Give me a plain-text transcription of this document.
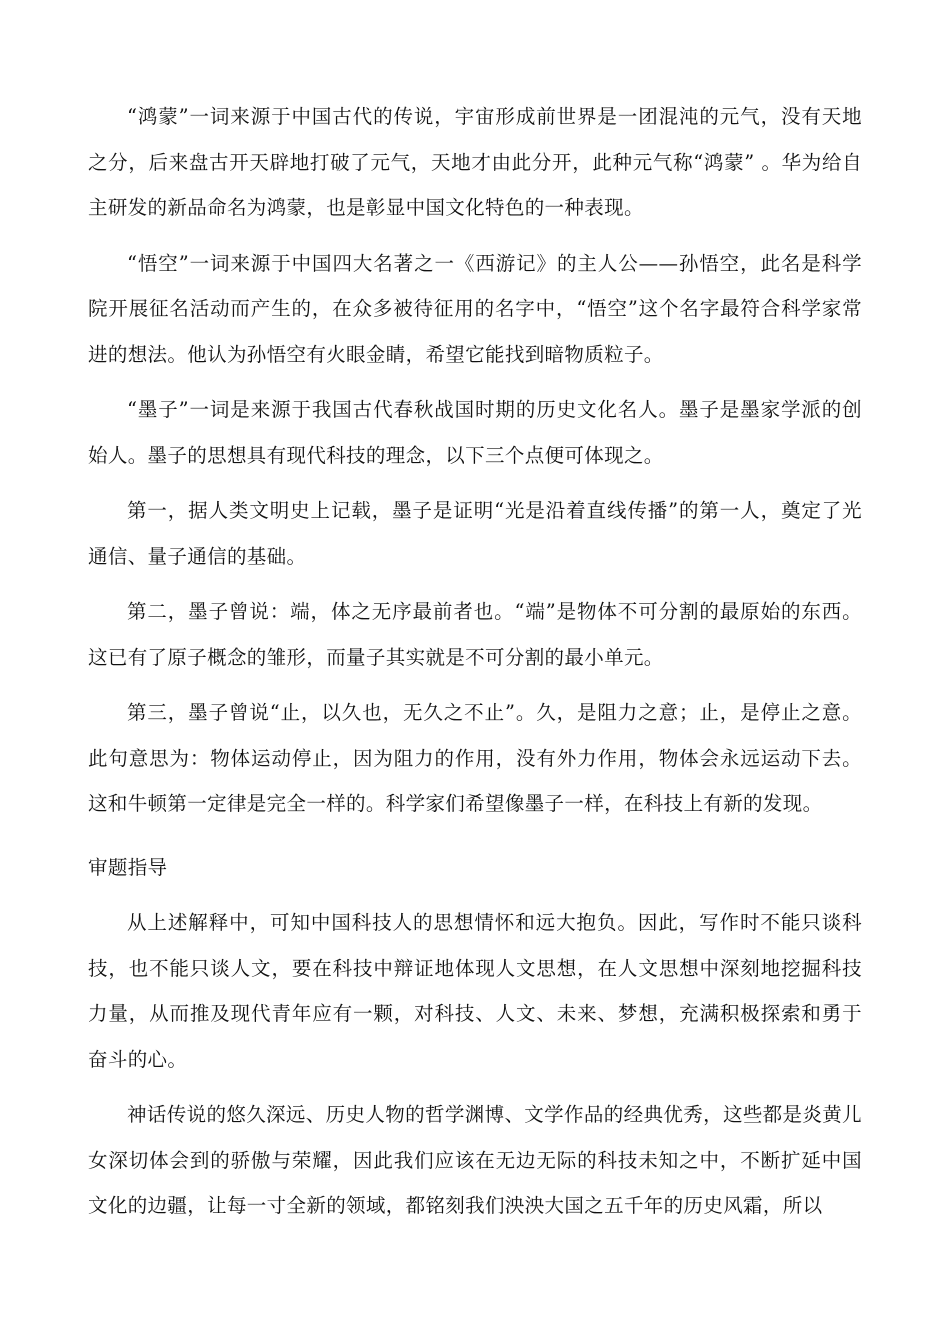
“鸿蒙”一词来源于中国古代的传说，宇宙形成前世界是一团混沌的元气，没有天地之分，后来盘古开天辟地打破了元气，天地才由此分开，此种元气称“鸿蒙” 。华为给自主研发的新品命名为鸿蒙，也是彰显中国文化特色的一种表现。

“悟空”一词来源于中国四大名著之一《西游记》的主人公——孙悟空，此名是科学院开展征名活动而产生的，在众多被待征用的名字中，“悟空”这个名字最符合科学家常进的想法。他认为孙悟空有火眼金睛，希望它能找到暗物质粒子。

“墨子”一词是来源于我国古代春秋战国时期的历史文化名人。墨子是墨家学派的创始人。墨子的思想具有现代科技的理念，以下三个点便可体现之。

第一，据人类文明史上记载，墨子是证明“光是沿着直线传播”的第一人，奠定了光通信、量子通信的基础。

第二，墨子曾说：端，体之无序最前者也。“端”是物体不可分割的最原始的东西。这已有了原子概念的雏形，而量子其实就是不可分割的最小单元。

第三，墨子曾说“止，以久也，无久之不止”。久，是阻力之意；止，是停止之意。此句意思为：物体运动停止，因为阻力的作用，没有外力作用，物体会永远运动下去。这和牛顿第一定律是完全一样的。科学家们希望像墨子一样，在科技上有新的发现。

审题指导

从上述解释中，可知中国科技人的思想情怀和远大抱负。因此，写作时不能只谈科技，也不能只谈人文，要在科技中辩证地体现人文思想，在人文思想中深刻地挖掘科技力量，从而推及现代青年应有一颗，对科技、人文、未来、梦想，充满积极探索和勇于奋斗的心。

神话传说的悠久深远、历史人物的哲学渊博、文学作品的经典优秀，这些都是炎黄儿女深切体会到的骄傲与荣耀，因此我们应该在无边无际的科技未知之中，不断扩延中国文化的边疆，让每一寸全新的领域，都铭刻我们泱泱大国之五千年的历史风霜，所以
